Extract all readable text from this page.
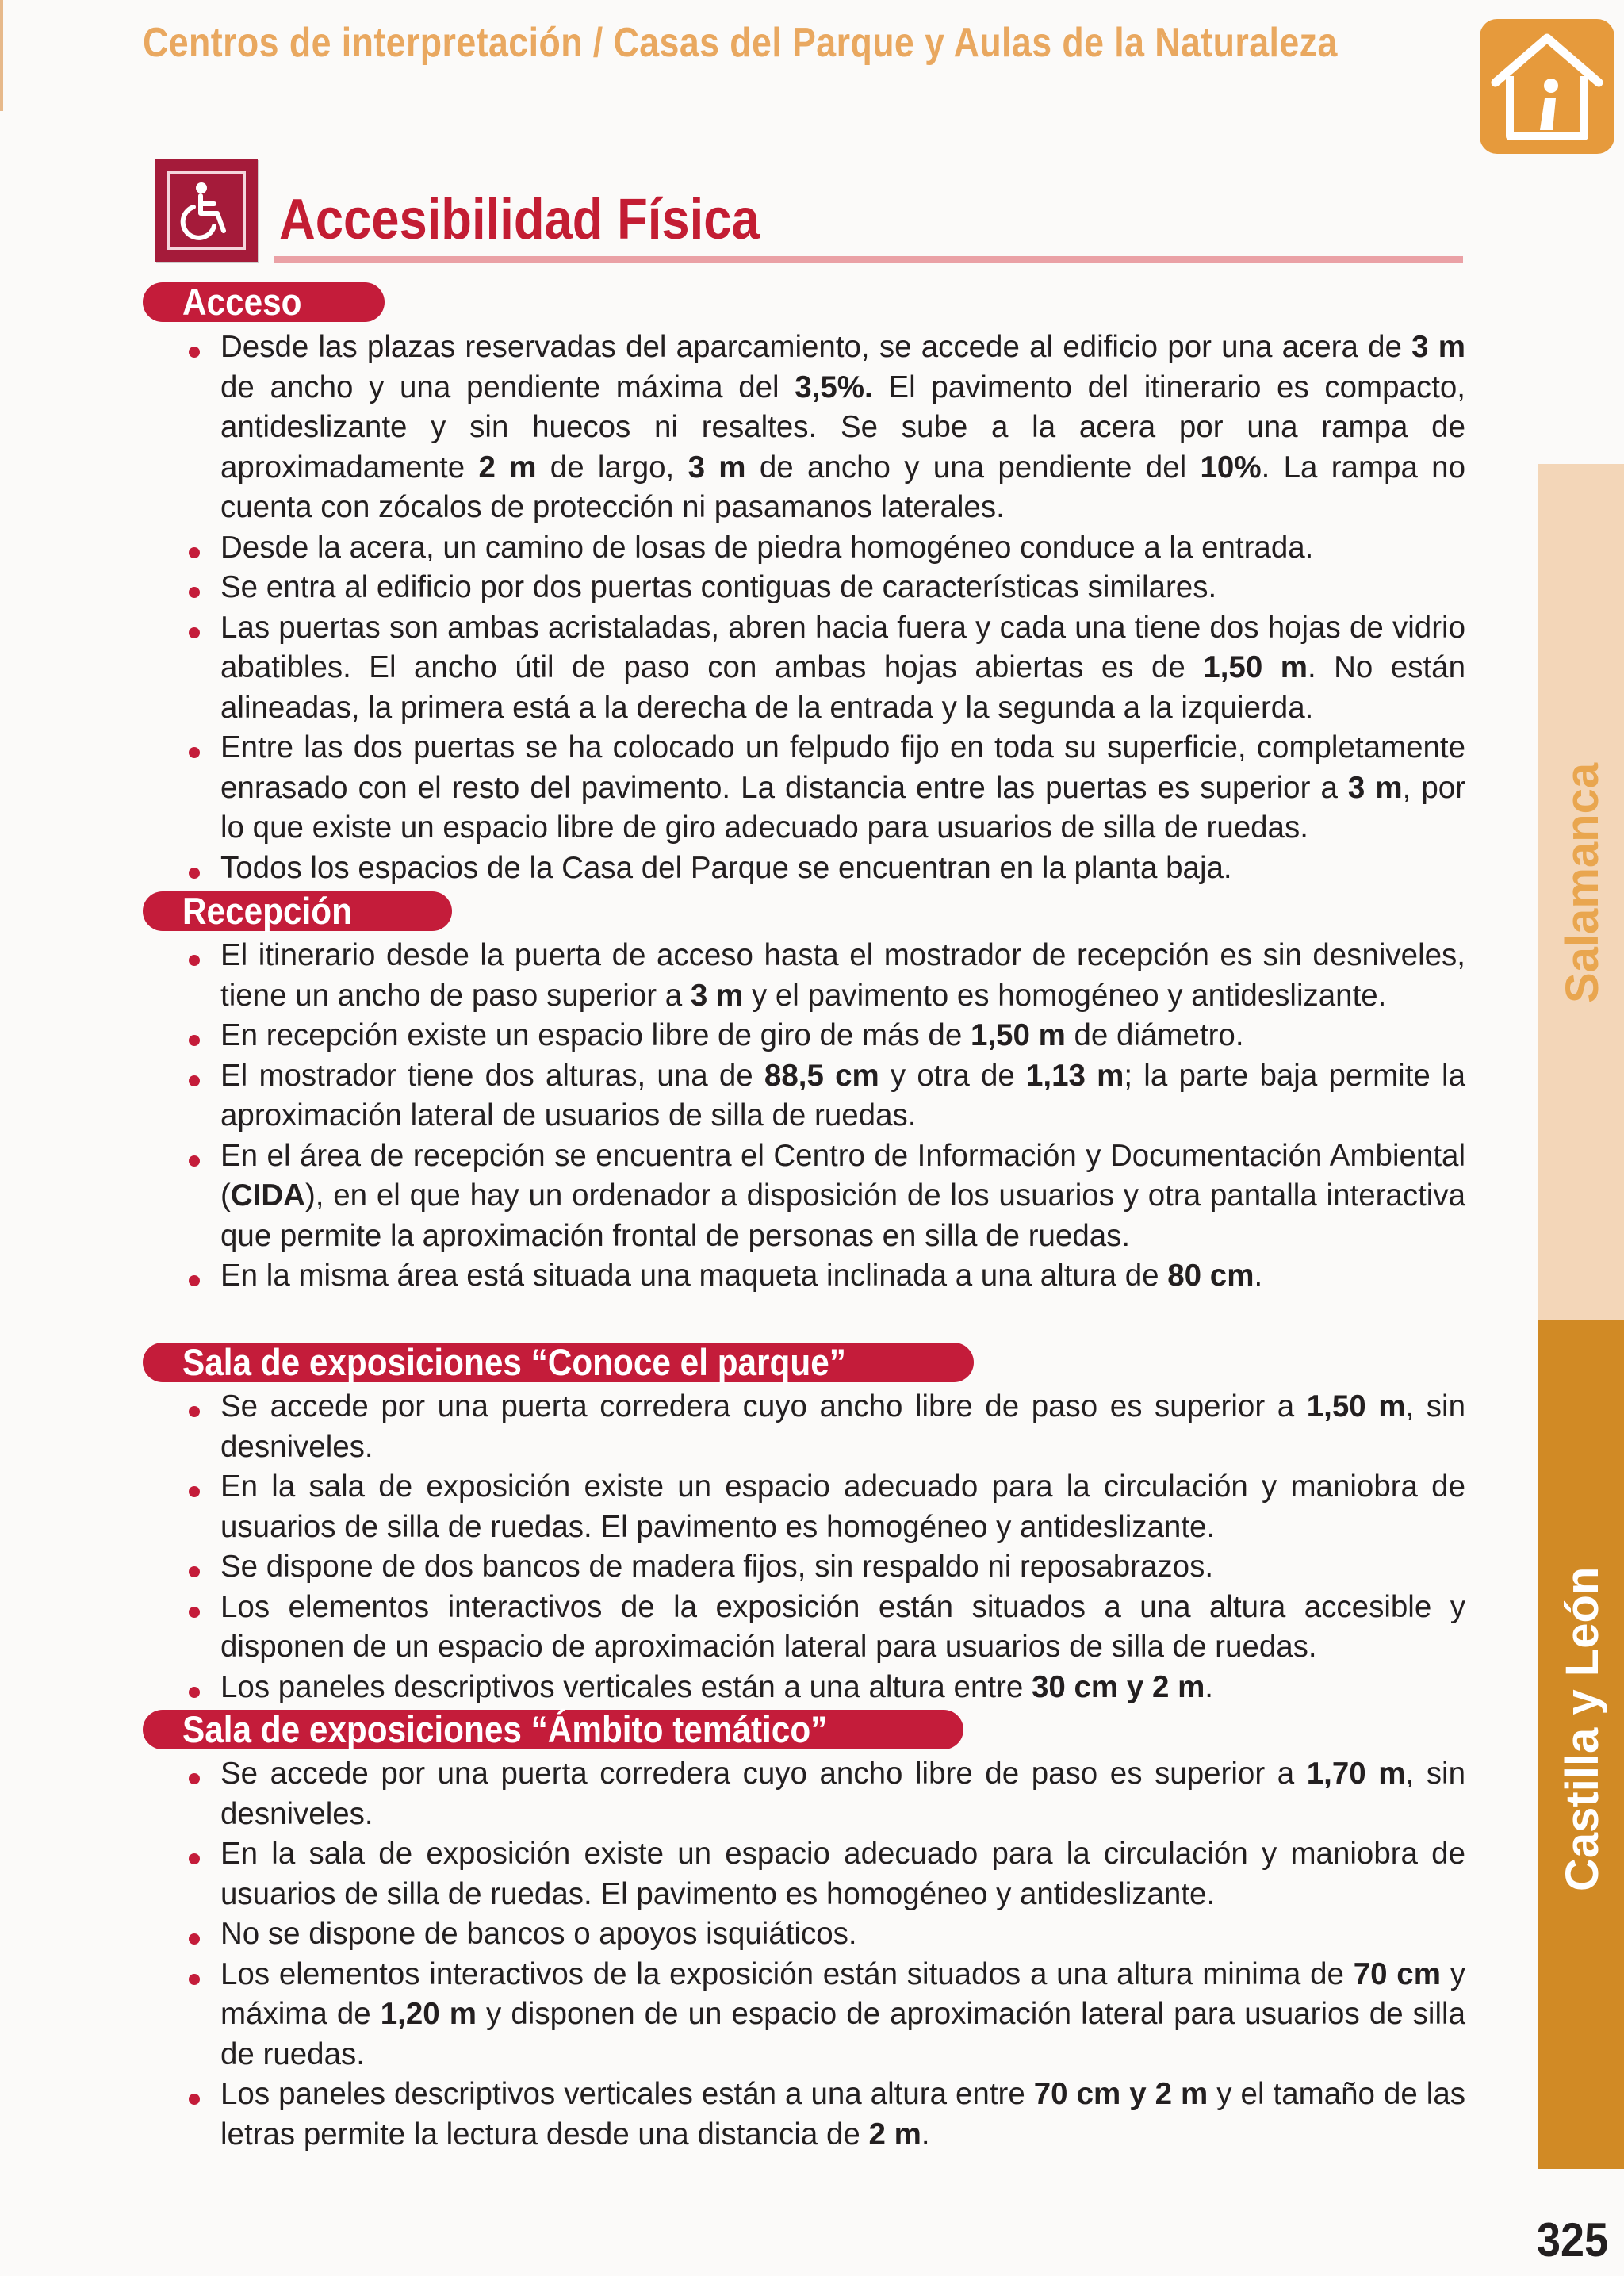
Centros de interpretación / Casas del Parque y Aulas de la Naturaleza
Accesibilidad Física
Salamanca
Castilla y León
325
Acceso
Desde las plazas reservadas del aparcamiento, se accede al edificio por una acera de 3 m de ancho y una pendiente máxima del 3,5%. El pavimento del itinerario es compacto, antideslizante y sin huecos ni resaltes. Se sube a la acera por una rampa de aproximadamente 2 m de largo, 3 m de ancho y una pendiente del 10%. La rampa no cuenta con zócalos de protección ni pasamanos laterales.
Desde la acera, un camino de losas de piedra homogéneo conduce a la entrada.
Se entra al edificio por dos puertas contiguas de características similares.
Las puertas son ambas acristaladas, abren hacia fuera y cada una tiene dos hojas de vidrio abatibles. El ancho útil de paso con ambas hojas abiertas es de 1,50 m. No están alineadas, la primera está a la derecha de la entrada y la segunda a la izquierda.
Entre las dos puertas se ha colocado un felpudo fijo en toda su superficie, completamente enrasado con el resto del pavimento. La distancia entre las puertas es superior a 3 m, por lo que existe un espacio libre de giro adecuado para usuarios de silla de ruedas.
Todos los espacios de la Casa del Parque se encuentran en la planta baja.
Recepción
El itinerario desde la puerta de acceso hasta el mostrador de recepción es sin desniveles, tiene un ancho de paso superior a 3 m y el pavimento es homogéneo y antideslizante.
En recepción existe un espacio libre de giro de más de 1,50 m de diámetro.
El mostrador tiene dos alturas, una de 88,5 cm y otra de 1,13 m; la parte baja permite la aproximación lateral de usuarios de silla de ruedas.
En el área de recepción se encuentra el Centro de Información y Documentación Ambiental (CIDA), en el que hay un ordenador a disposición de los usuarios y otra pantalla interactiva que permite la aproximación frontal de personas en silla de ruedas.
En la misma área está situada una maqueta inclinada a una altura de 80 cm.
Sala de exposiciones “Conoce el parque”
Se accede por una puerta corredera cuyo ancho libre de paso es superior a 1,50 m, sin desniveles.
En la sala de exposición existe un espacio adecuado para la circulación y maniobra de usuarios de silla de ruedas. El pavimento es homogéneo y antideslizante.
Se dispone de dos bancos de madera fijos, sin respaldo ni reposabrazos.
Los elementos interactivos de la exposición están situados a una altura accesible y disponen de un espacio de aproximación lateral para usuarios de silla de ruedas.
Los paneles descriptivos verticales están a una altura entre 30 cm y 2 m.
Sala de exposiciones “Ámbito temático”
Se accede por una puerta corredera cuyo ancho libre de paso es superior a 1,70 m, sin desniveles.
En la sala de exposición existe un espacio adecuado para la circulación y maniobra de usuarios de silla de ruedas. El pavimento es homogéneo y antideslizante.
No se dispone de bancos o apoyos isquiáticos.
Los elementos interactivos de la exposición están situados a una altura minima de 70 cm y máxima de 1,20 m y disponen de un espacio de aproximación lateral para usuarios de silla de ruedas.
Los paneles descriptivos verticales están a una altura entre 70 cm y 2 m y el tamaño de las letras permite la lectura desde una distancia de 2 m.
